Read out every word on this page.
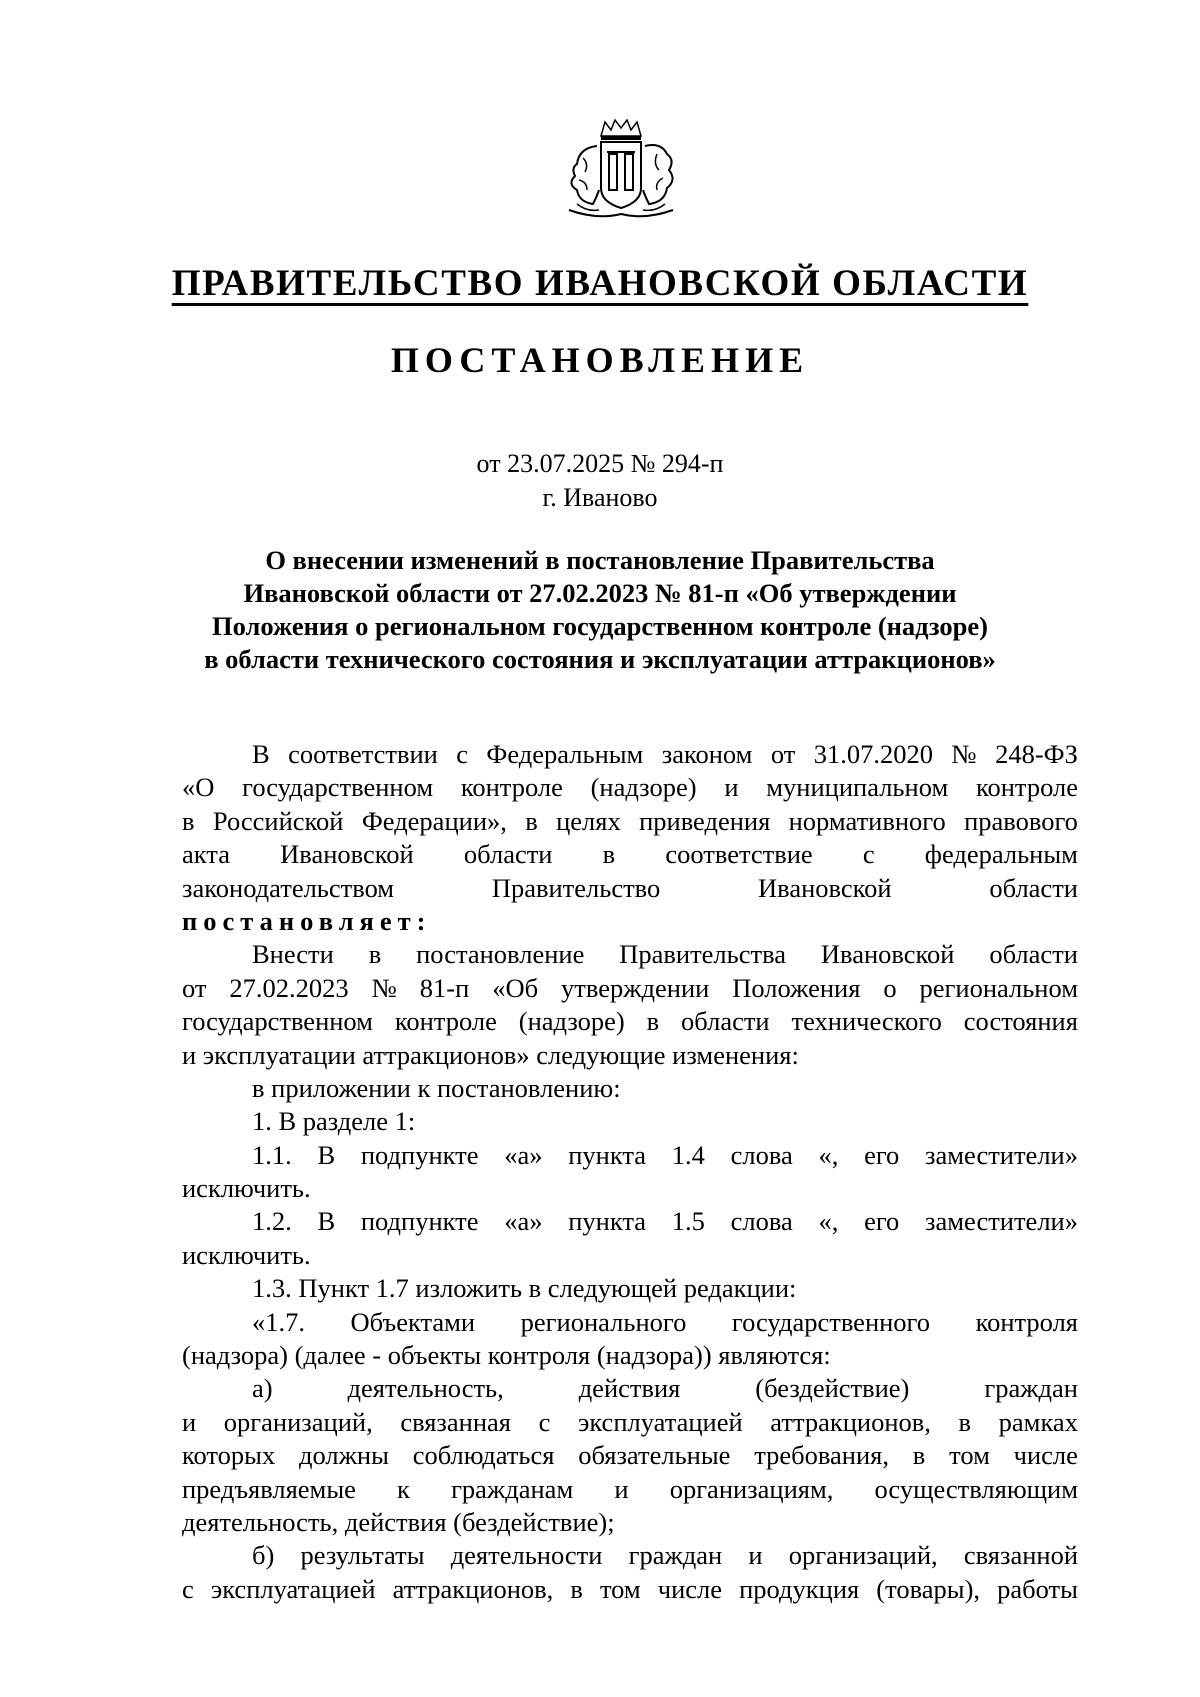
ПРАВИТЕЛЬСТВО ИВАНОВСКОЙ ОБЛАСТИ
ПОСТАНОВЛЕНИЕ
от 23.07.2025 № 294-п
г. Иваново
О внесении изменений в постановление Правительства
Ивановской области от 27.02.2023 № 81-п «Об утверждении
Положения о региональном государственном контроле (надзоре)
в области технического состояния и эксплуатации аттракционов»
В соответствии с Федеральным законом от 31.07.2020 № 248-ФЗ
«О государственном контроле (надзоре) и муниципальном контроле
в Российской Федерации», в целях приведения нормативного правового
акта Ивановской области в соответствие с федеральным
законодательством	Правительство	Ивановской	области
постановляет:
Внести в постановление Правительства Ивановской области
от 27.02.2023 № 81-п «Об утверждении Положения о региональном
государственном контроле (надзоре) в области технического состояния
и эксплуатации аттракционов» следующие изменения:
в приложении к постановлению:
1. В разделе 1:
1.1. В подпункте «а» пункта 1.4 слова «, его заместители»
исключить.
1.2. В подпункте «а» пункта 1.5 слова «, его заместители»
исключить.
1.3. Пункт 1.7 изложить в следующей редакции:
«1.7. Объектами регионального государственного контроля
(надзора) (далее - объекты контроля (надзора)) являются:
а)	деятельность,	действия	(бездействие)	граждан
и организаций, связанная с эксплуатацией аттракционов, в рамках
которых должны соблюдаться обязательные требования, в том числе
предъявляемые к гражданам и организациям, осуществляющим
деятельность, действия (бездействие);
б) результаты деятельности граждан и организаций, связанной
с эксплуатацией аттракционов, в том числе продукция (товары), работы
